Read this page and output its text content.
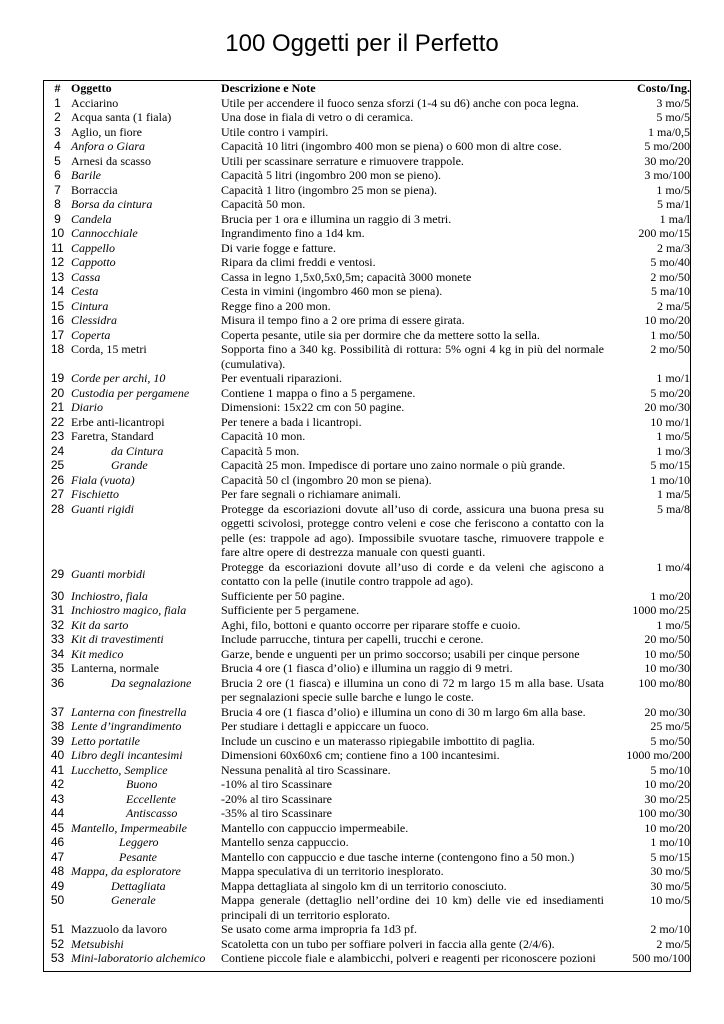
100 Oggetti per il Perfetto
#	Oggetto	Descrizione e Note	Costo/Ing.
1	Acciarino	Utile per accendere il fuoco senza sforzi (1-4 su d6) anche con poca legna.	3 mo/5
2	Acqua santa (1 fiala)	Una dose in fiala di vetro o di ceramica.	5 mo/5
3	Aglio, un fiore	Utile contro i vampiri.	1 ma/0,5
4	Anfora o Giara	Capacità 10 litri (ingombro 400 mon se piena) o 600 mon di altre cose.	5 mo/200
5	Arnesi da scasso	Utili per scassinare serrature e rimuovere trappole.	30 mo/20
6	Barile	Capacità 5 litri (ingombro 200 mon se pieno).	3 mo/100
7	Borraccia	Capacità 1 litro (ingombro 25 mon se piena).	1 mo/5
8	Borsa da cintura	Capacità 50 mon.	5 ma/1
9	Candela	Brucia per 1 ora e illumina un raggio di 3 metri.	1 ma/l
10	Cannocchiale	Ingrandimento fino a 1d4 km.	200 mo/15
11	Cappello	Di varie fogge e fatture.	2 ma/3
12	Cappotto	Ripara da climi freddi e ventosi.	5 mo/40
13	Cassa	Cassa in legno 1,5x0,5x0,5m; capacità 3000 monete	2 mo/50
14	Cesta	Cesta in vimini (ingombro 460 mon se piena).	5 ma/10
15	Cintura	Regge fino a 200 mon.	2 ma/5
16	Clessidra	Misura il tempo fino a 2 ore prima di essere girata.	10 mo/20
17	Coperta	Coperta pesante, utile sia per dormire che da mettere sotto la sella.	1 mo/50
18	Corda, 15 metri	Sopporta fino a 340 kg. Possibilità di rottura: 5% ogni 4 kg in più del normale (cumulativa).	2 mo/50
19	Corde per archi, 10	Per eventuali riparazioni.	1 mo/1
20	Custodia per pergamene	Contiene 1 mappa o fino a 5 pergamene.	5 mo/20
21	Diario	Dimensioni: 15x22 cm con 50 pagine.	20 mo/30
22	Erbe anti-licantropi	Per tenere a bada i licantropi.	10 mo/1
23	Faretra, Standard	Capacità 10 mon.	1 mo/5
24	da Cintura	Capacità 5 mon.	1 mo/3
25	Grande	Capacità 25 mon. Impedisce di portare uno zaino normale o più grande.	5 mo/15
26	Fiala (vuota)	Capacità 50 cl (ingombro 20 mon se piena).	1 mo/10
27	Fischietto	Per fare segnali o richiamare animali.	1 ma/5
28	Guanti rigidi	Protegge da escoriazioni dovute all’uso di corde, assicura una buona presa su oggetti scivolosi, protegge contro veleni e cose che feriscono a contatto con la pelle (es: trappole ad ago). Impossibile svuotare tasche, rimuovere trappole e fare altre opere di destrezza manuale con questi guanti.	5 ma/8
29	Guanti morbidi	Protegge da escoriazioni dovute all’uso di corde e da veleni che agiscono a contatto con la pelle (inutile contro trappole ad ago).	1 mo/4
30	Inchiostro, fiala	Sufficiente per 50 pagine.	1 mo/20
31	Inchiostro magico, fiala	Sufficiente per 5 pergamene.	1000 mo/25
32	Kit da sarto	Aghi, filo, bottoni e quanto occorre per riparare stoffe e cuoio.	1 mo/5
33	Kit di travestimenti	Include parrucche, tintura per capelli, trucchi e cerone.	20 mo/50
34	Kit medico	Garze, bende e unguenti per un primo soccorso; usabili per cinque persone	10 mo/50
35	Lanterna, normale	Brucia 4 ore (1 fiasca d’olio) e illumina un raggio di 9 metri.	10 mo/30
36	Da segnalazione	Brucia 2 ore (1 fiasca) e illumina un cono di 72 m largo 15 m alla base. Usata per segnalazioni specie sulle barche e lungo le coste.	100 mo/80
37	Lanterna con finestrella	Brucia 4 ore (1 fiasca d’olio) e illumina un cono di 30 m largo 6m alla base.	20 mo/30
38	Lente d’ingrandimento	Per studiare i dettagli e appiccare un fuoco.	25 mo/5
39	Letto portatile	Include un cuscino e un materasso ripiegabile imbottito di paglia.	5 mo/50
40	Libro degli incantesimi	Dimensioni 60x60x6 cm; contiene fino a 100 incantesimi.	1000 mo/200
41	Lucchetto, Semplice	Nessuna penalità al tiro Scassinare.	5 mo/10
42	Buono	-10% al tiro Scassinare	10 mo/20
43	Eccellente	-20% al tiro Scassinare	30 mo/25
44	Antiscasso	-35% al tiro Scassinare	100 mo/30
45	Mantello, Impermeabile	Mantello con cappuccio impermeabile.	10 mo/20
46	Leggero	Mantello senza cappuccio.	1 mo/10
47	Pesante	Mantello con cappuccio e due tasche interne (contengono fino a 50 mon.)	5 mo/15
48	Mappa, da esploratore	Mappa speculativa di un territorio inesplorato.	30 mo/5
49	Dettagliata	Mappa dettagliata al singolo km di un territorio conosciuto.	30 mo/5
50	Generale	Mappa generale (dettaglio nell’ordine dei 10 km) delle vie ed insediamenti principali di un territorio esplorato.	10 mo/5
51	Mazzuolo da lavoro	Se usato come arma impropria fa 1d3 pf.	2 mo/10
52	Metsubishi	Scatoletta con un tubo per soffiare polveri in faccia alla gente (2/4/6).	2 mo/5
53	Mini-laboratorio alchemico	Contiene piccole fiale e alambicchi, polveri e reagenti per riconoscere pozioni	500 mo/100
